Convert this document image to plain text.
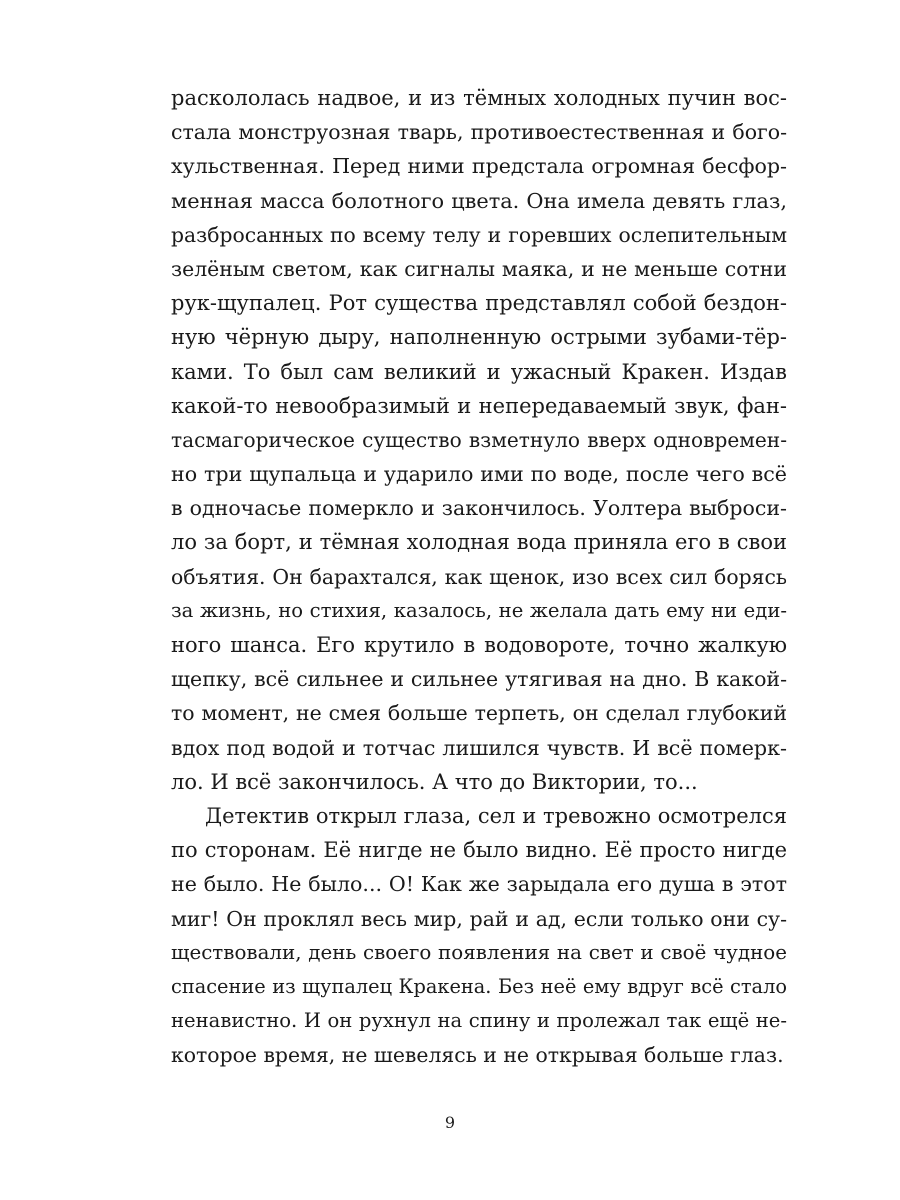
раскололась надвое, и из тёмных холодных пучин вос-
стала монструозная тварь, противоестественная и бого-
хульственная. Перед ними предстала огромная бесфор-
менная масса болотного цвета. Она имела девять глаз,
разбросанных по всему телу и горевших ослепительным
зелёным светом, как сигналы маяка, и не меньше сотни
рук-щупалец. Рот существа представлял собой бездон-
ную чёрную дыру, наполненную острыми зубами-тёр-
ками. То был сам великий и ужасный Кракен. Издав
какой-то невообразимый и непередаваемый звук, фан-
тасмагорическое существо взметнуло вверх одновремен-
но три щупальца и ударило ими по воде, после чего всё
в одночасье померкло и закончилось. Уолтера выброси-
ло за борт, и тёмная холодная вода приняла его в свои
объятия. Он барахтался, как щенок, изо всех сил борясь
за жизнь, но стихия, казалось, не желала дать ему ни еди-
ного шанса. Его крутило в водовороте, точно жалкую
щепку, всё сильнее и сильнее утягивая на дно. В какой-
то момент, не смея больше терпеть, он сделал глубокий
вдох под водой и тотчас лишился чувств. И всё померк-
ло. И всё закончилось. А что до Виктории, то...
Детектив открыл глаза, сел и тревожно осмотрелся
по сторонам. Её нигде не было видно. Её просто нигде
не было. Не было... О! Как же зарыдала его душа в этот
миг! Он проклял весь мир, рай и ад, если только они су-
ществовали, день своего появления на свет и своё чудное
спасение из щупалец Кракена. Без неё ему вдруг всё стало
ненавистно. И он рухнул на спину и пролежал так ещё не-
которое время, не шевелясь и не открывая больше глаз.
9
